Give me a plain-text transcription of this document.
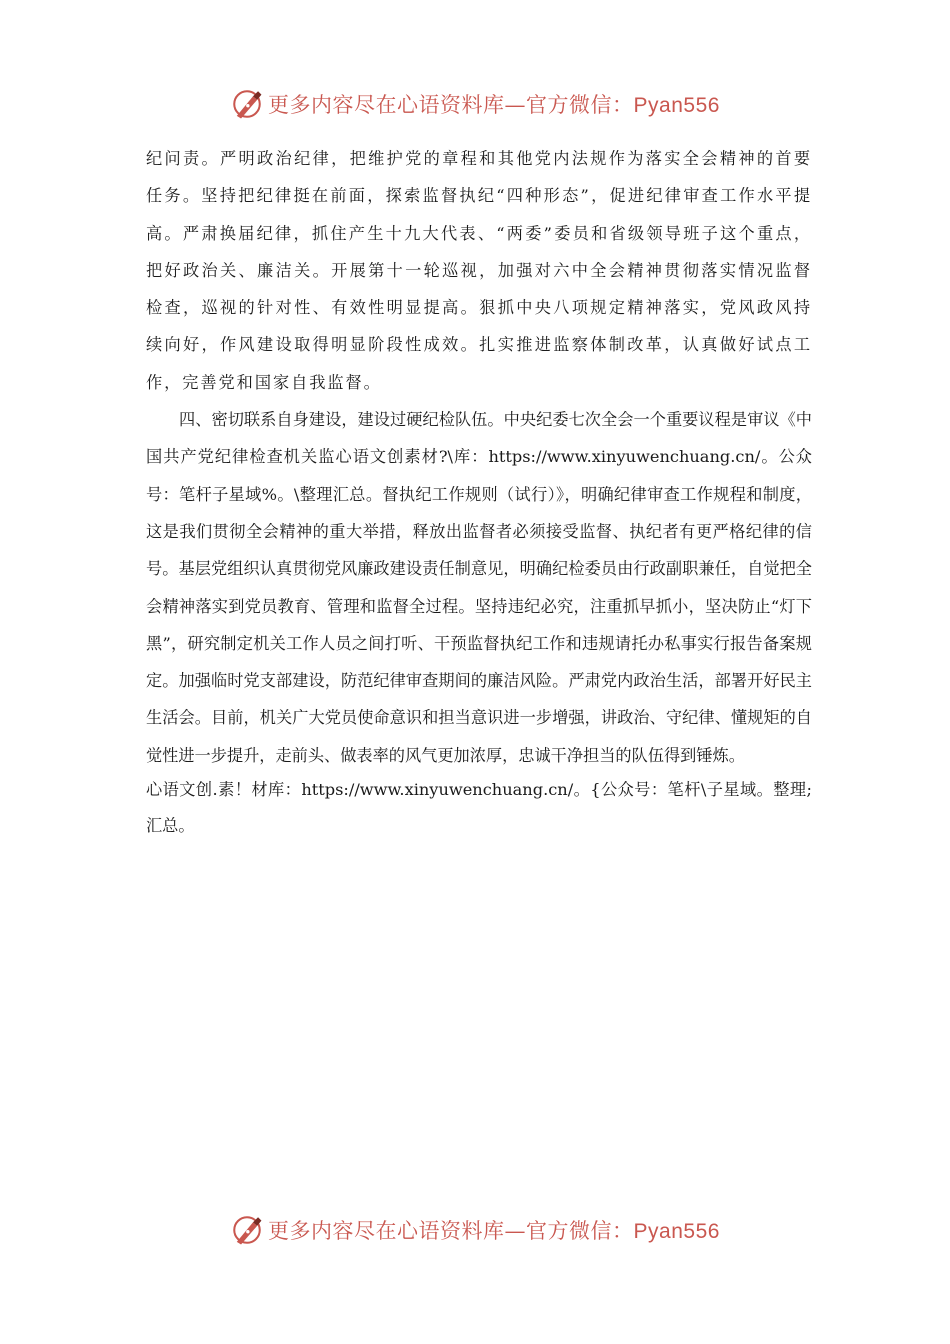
更多内容尽在心语资料库—官方微信：Pyan556

纪问责。严明政治纪律，把维护党的章程和其他党内法规作为落实全会精神的首要任务。坚持把纪律挺在前面，探索监督执纪“四种形态”，促进纪律审查工作水平提高。严肃换届纪律，抓住产生十九大代表、“两委”委员和省级领导班子这个重点，把好政治关、廉洁关。开展第十一轮巡视，加强对六中全会精神贯彻落实情况监督检查，巡视的针对性、有效性明显提高。狠抓中央八项规定精神落实，党风政风持续向好，作风建设取得明显阶段性成效。扎实推进监察体制改革，认真做好试点工作，完善党和国家自我监督。

四、密切联系自身建设，建设过硬纪检队伍。中央纪委七次全会一个重要议程是审议《中国共产党纪律检查机关监心语文创素材?\库：https://www.xinyuwenchuang.cn/。公众号：笔杆子星域%。\整理汇总。督执纪工作规则（试行）》，明确纪律审查工作规程和制度，这是我们贯彻全会精神的重大举措，释放出监督者必须接受监督、执纪者有更严格纪律的信号。基层党组织认真贯彻党风廉政建设责任制意见，明确纪检委员由行政副职兼任，自觉把全会精神落实到党员教育、管理和监督全过程。坚持违纪必究，注重抓早抓小，坚决防止“灯下黑”，研究制定机关工作人员之间打听、干预监督执纪工作和违规请托办私事实行报告备案规定。加强临时党支部建设，防范纪律审查期间的廉洁风险。严肃党内政治生活，部署开好民主生活会。目前，机关广大党员使命意识和担当意识进一步增强，讲政治、守纪律、懂规矩的自觉性进一步提升，走前头、做表率的风气更加浓厚，忠诚干净担当的队伍得到锤炼。

心语文创.素！材库：https://www.xinyuwenchuang.cn/。{公众号：笔杆\子星域。整理;汇总。

更多内容尽在心语资料库—官方微信：Pyan556
